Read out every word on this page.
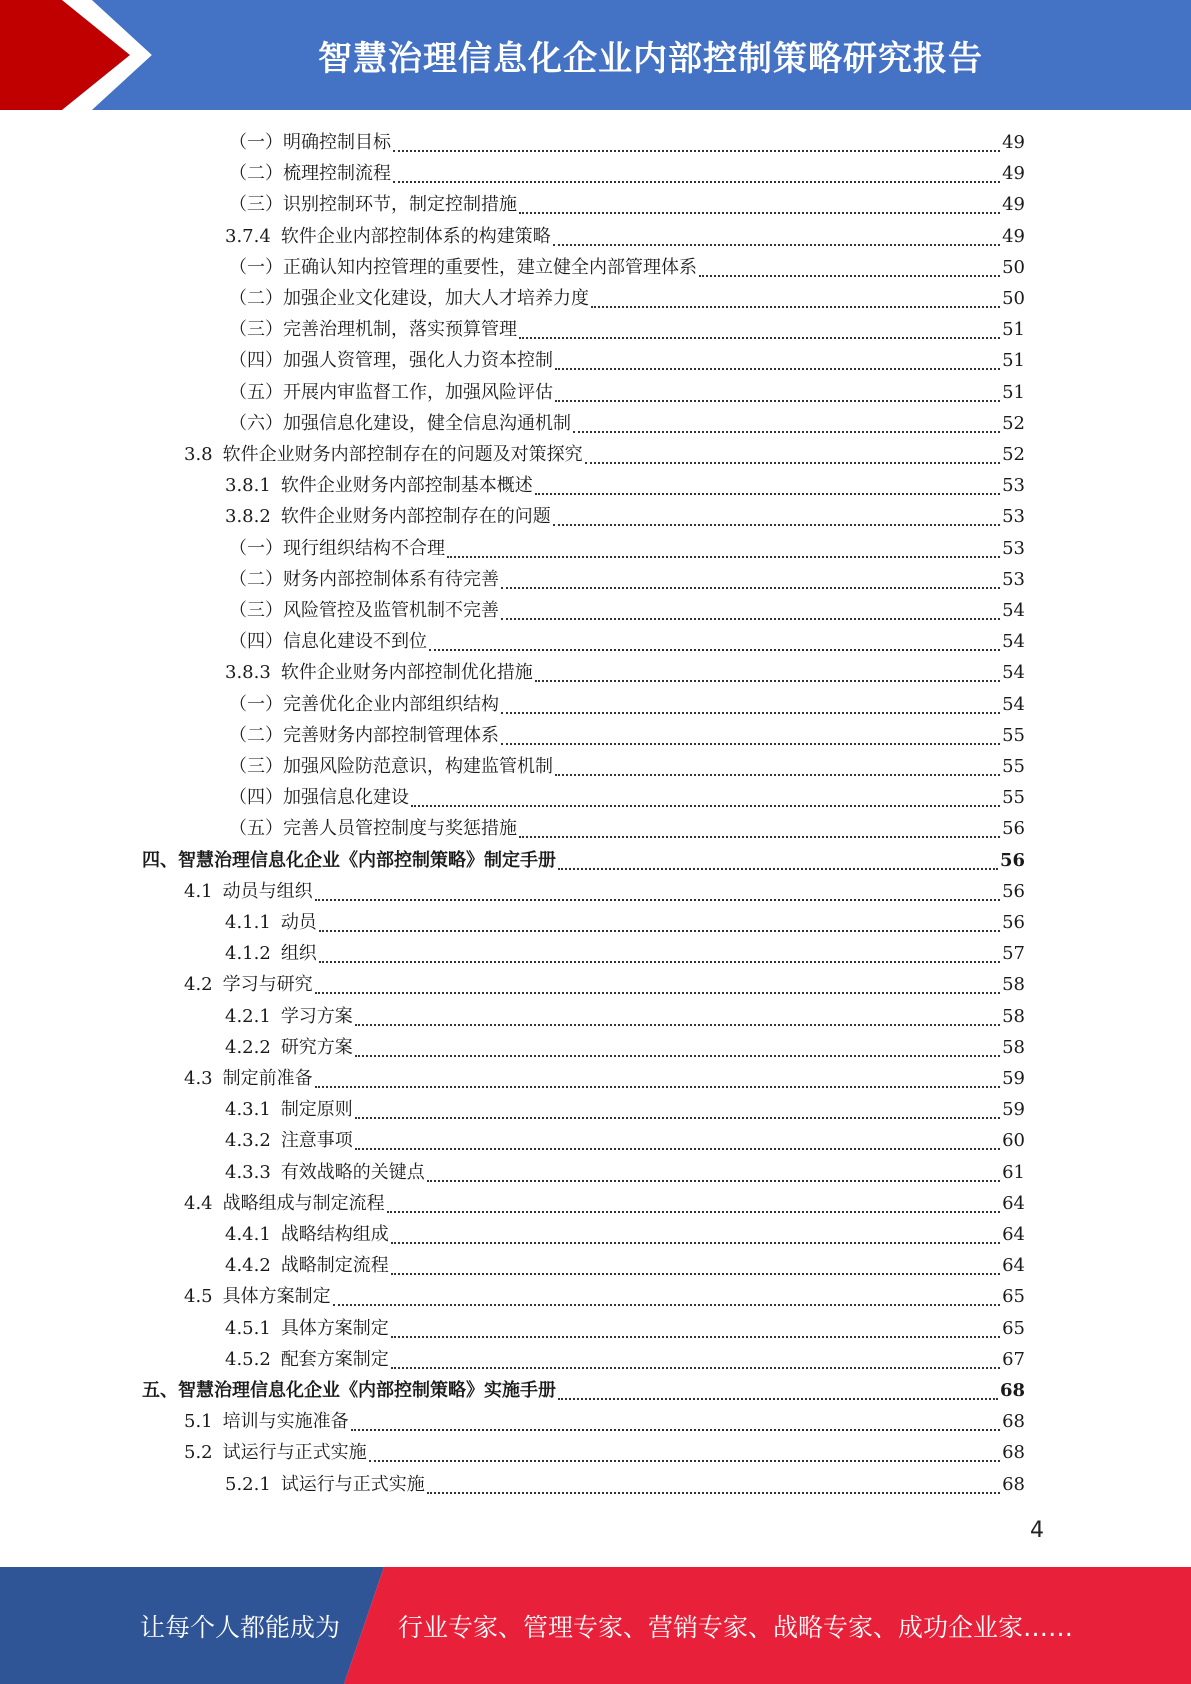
智慧治理信息化企业内部控制策略研究报告
（一）明确控制目标	49
（二）梳理控制流程	49
（三）识别控制环节，制定控制措施	49
3.7.4 软件企业内部控制体系的构建策略	49
（一）正确认知内控管理的重要性，建立健全内部管理体系	50
（二）加强企业文化建设，加大人才培养力度	50
（三）完善治理机制，落实预算管理	51
（四）加强人资管理，强化人力资本控制	51
（五）开展内审监督工作，加强风险评估	51
（六）加强信息化建设，健全信息沟通机制	52
3.8 软件企业财务内部控制存在的问题及对策探究	52
3.8.1 软件企业财务内部控制基本概述	53
3.8.2 软件企业财务内部控制存在的问题	53
（一）现行组织结构不合理	53
（二）财务内部控制体系有待完善	53
（三）风险管控及监管机制不完善	54
（四）信息化建设不到位	54
3.8.3 软件企业财务内部控制优化措施	54
（一）完善优化企业内部组织结构	54
（二）完善财务内部控制管理体系	55
（三）加强风险防范意识，构建监管机制	55
（四）加强信息化建设	55
（五）完善人员管控制度与奖惩措施	56
四、智慧治理信息化企业《内部控制策略》制定手册	56
4.1 动员与组织	56
4.1.1 动员	56
4.1.2 组织	57
4.2 学习与研究	58
4.2.1 学习方案	58
4.2.2 研究方案	58
4.3 制定前准备	59
4.3.1 制定原则	59
4.3.2 注意事项	60
4.3.3 有效战略的关键点	61
4.4 战略组成与制定流程	64
4.4.1 战略结构组成	64
4.4.2 战略制定流程	64
4.5 具体方案制定	65
4.5.1 具体方案制定	65
4.5.2 配套方案制定	67
五、智慧治理信息化企业《内部控制策略》实施手册	68
5.1 培训与实施准备	68
5.2 试运行与正式实施	68
5.2.1 试运行与正式实施	68
4
让每个人都能成为 行业专家、管理专家、营销专家、战略专家、成功企业家……
